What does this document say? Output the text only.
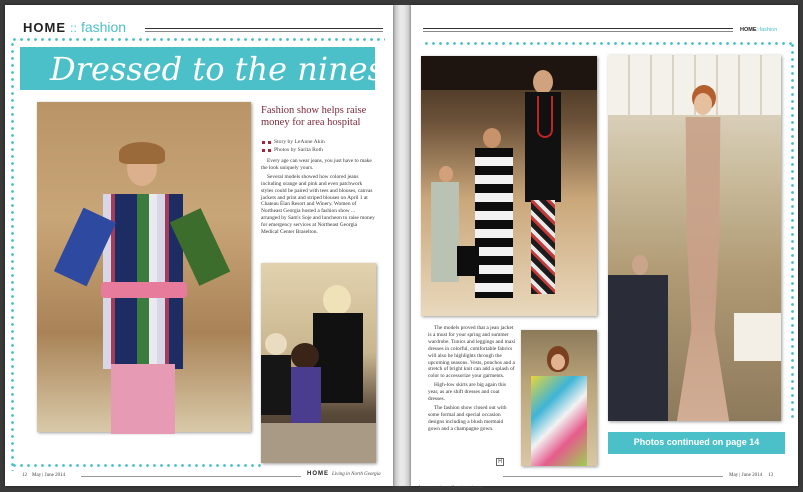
HOME :: fashion
Dressed to the nines
Fashion show helps raise
money for area hospital
Story by LeAnne Akin
Photos by Sarita Roth

Every age can wear jeans, you just have to make the look uniquely yours.

Several models showed how colored jeans including orange and pink and even patchwork styles could be paired with tees and blouses, canvas jackets and print and striped blouses on April 1 at Chateau Élan Resort and Winery. Women of Northeast Georgia hosted a fashion show ... arranged by Sam's Soje and luncheon to raise money for emergency services at Northeast Georgia Medical Center Braselton.

12 May | June 2014	HOME Living in North Georgia
HOME::fashion

The models proved that a jean jacket is a must for your spring and summer wardrobe. Tunics and leggings and maxi dresses in colorful, comfortable fabrics will also be highlights through the upcoming seasons. Vests, ponchos and a stretch of bright knit can add a splash of color to accessorize your garments.

High-low skirts are big again this year, as are shift dresses and coat dresses.

The fashion show closed out with some formal and special occasion designs including a blush mermaid gown and a champagne gown.

H
Photos continued on page 14
homemagazinenortheastgeorgia.com
May | June 2014 13
